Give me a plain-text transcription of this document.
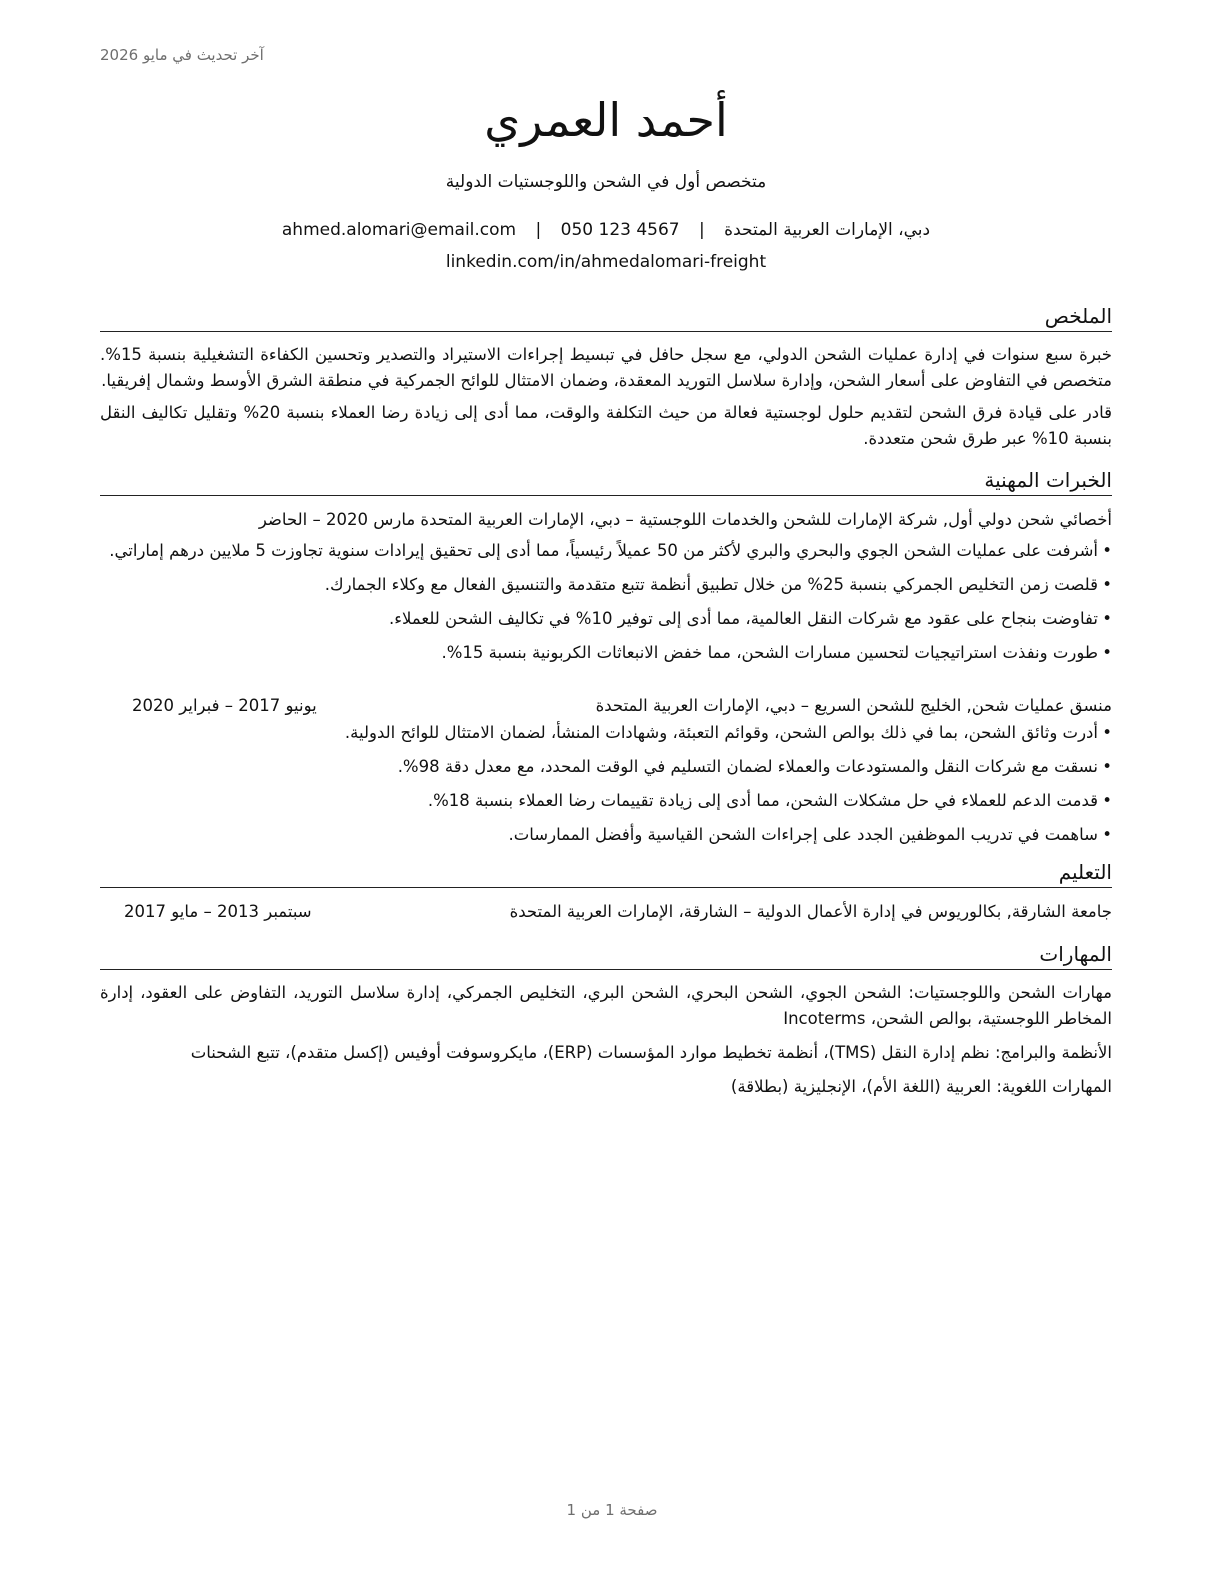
آخر تحديث في مايو 2026
أحمد العمري
متخصص أول في الشحن واللوجستيات الدولية
دبي، الإمارات العربية المتحدة | ahmed.alomari@email.com | 050 123 4567
linkedin.com/in/ahmedalomari-freight
الملخص

خبرة سبع سنوات في إدارة عمليات الشحن الدولي، مع سجل حافل في تبسيط إجراءات الاستيراد والتصدير وتحسين الكفاءة التشغيلية بنسبة 15%. متخصص في التفاوض على أسعار الشحن، وإدارة سلاسل التوريد المعقدة، وضمان الامتثال للوائح الجمركية في منطقة الشرق الأوسط وشمال إفريقيا.

قادر على قيادة فرق الشحن لتقديم حلول لوجستية فعالة من حيث التكلفة والوقت، مما أدى إلى زيادة رضا العملاء بنسبة 20% وتقليل تكاليف النقل بنسبة 10% عبر طرق شحن متعددة.

الخبرات المهنية
أخصائي شحن دولي أول, شركة الإمارات للشحن والخدمات اللوجستية – دبي، الإمارات العربية المتحدة مارس 2020 – الحاضر
• أشرفت على عمليات الشحن الجوي والبحري والبري لأكثر من 50 عميلاً رئيسياً، مما أدى إلى تحقيق إيرادات سنوية تجاوزت 5 ملايين درهم إماراتي.
• قلصت زمن التخليص الجمركي بنسبة 25% من خلال تطبيق أنظمة تتبع متقدمة والتنسيق الفعال مع وكلاء الجمارك.
• تفاوضت بنجاح على عقود مع شركات النقل العالمية، مما أدى إلى توفير 10% في تكاليف الشحن للعملاء.
• طورت ونفذت استراتيجيات لتحسين مسارات الشحن، مما خفض الانبعاثات الكربونية بنسبة 15%.
منسق عمليات شحن, الخليج للشحن السريع – دبي، الإمارات العربية المتحدة
يونيو 2017 – فبراير 2020
• أدرت وثائق الشحن، بما في ذلك بوالص الشحن، وقوائم التعبئة، وشهادات المنشأ، لضمان الامتثال للوائح الدولية.
• نسقت مع شركات النقل والمستودعات والعملاء لضمان التسليم في الوقت المحدد، مع معدل دقة 98%.
• قدمت الدعم للعملاء في حل مشكلات الشحن، مما أدى إلى زيادة تقييمات رضا العملاء بنسبة 18%.
• ساهمت في تدريب الموظفين الجدد على إجراءات الشحن القياسية وأفضل الممارسات.
التعليم
جامعة الشارقة, بكالوريوس في إدارة الأعمال الدولية – الشارقة، الإمارات العربية المتحدة
سبتمبر 2013 – مايو 2017
المهارات
مهارات الشحن واللوجستيات: الشحن الجوي، الشحن البحري، الشحن البري، التخليص الجمركي، إدارة سلاسل التوريد، التفاوض على العقود، إدارة المخاطر اللوجستية، بوالص الشحن، Incoterms
الأنظمة والبرامج: نظم إدارة النقل (TMS)، أنظمة تخطيط موارد المؤسسات (ERP)، مايكروسوفت أوفيس (إكسل متقدم)، تتبع الشحنات
المهارات اللغوية: العربية (اللغة الأم)، الإنجليزية (بطلاقة)
صفحة 1 من 1
